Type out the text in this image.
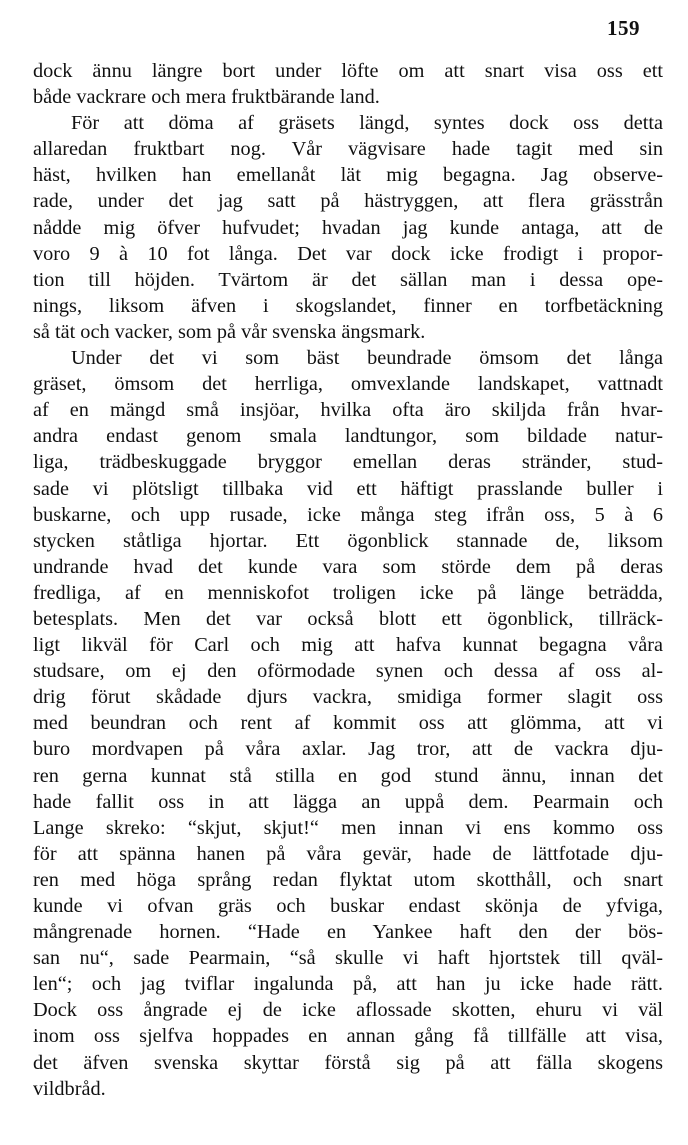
159
dock ännu längre bort under löfte om att snart visa oss ett
både vackrare och mera fruktbärande land.
För att döma af gräsets längd, syntes dock oss detta
allaredan fruktbart nog. Vår vägvisare hade tagit med sin
häst, hvilken han emellanåt lät mig begagna. Jag observe-
rade, under det jag satt på hästryggen, att flera grässtrån
nådde mig öfver hufvudet; hvadan jag kunde antaga, att de
voro 9 à 10 fot långa. Det var dock icke frodigt i propor-
tion till höjden. Tvärtom är det sällan man i dessa ope-
nings, liksom äfven i skogslandet, finner en torfbetäckning
så tät och vacker, som på vår svenska ängsmark.
Under det vi som bäst beundrade ömsom det långa
gräset, ömsom det herrliga, omvexlande landskapet, vattnadt
af en mängd små insjöar, hvilka ofta äro skiljda från hvar-
andra endast genom smala landtungor, som bildade natur-
liga, trädbeskuggade bryggor emellan deras stränder, stud-
sade vi plötsligt tillbaka vid ett häftigt prasslande buller i
buskarne, och upp rusade, icke många steg ifrån oss, 5 à 6
stycken ståtliga hjortar. Ett ögonblick stannade de, liksom
undrande hvad det kunde vara som störde dem på deras
fredliga, af en menniskofot troligen icke på länge beträdda,
betesplats. Men det var också blott ett ögonblick, tillräck-
ligt likväl för Carl och mig att hafva kunnat begagna våra
studsare, om ej den oförmodade synen och dessa af oss al-
drig förut skådade djurs vackra, smidiga former slagit oss
med beundran och rent af kommit oss att glömma, att vi
buro mordvapen på våra axlar. Jag tror, att de vackra dju-
ren gerna kunnat stå stilla en god stund ännu, innan det
hade fallit oss in att lägga an uppå dem. Pearmain och
Lange skreko: “skjut, skjut!“ men innan vi ens kommo oss
för att spänna hanen på våra gevär, hade de lättfotade dju-
ren med höga språng redan flyktat utom skotthåll, och snart
kunde vi ofvan gräs och buskar endast skönja de yfviga,
mångrenade hornen. “Hade en Yankee haft den der bös-
san nu“, sade Pearmain, “så skulle vi haft hjortstek till qväl-
len“; och jag tviflar ingalunda på, att han ju icke hade rätt.
Dock oss ångrade ej de icke aflossade skotten, ehuru vi väl
inom oss sjelfva hoppades en annan gång få tillfälle att visa,
det äfven svenska skyttar förstå sig på att fälla skogens
vildbråd.
